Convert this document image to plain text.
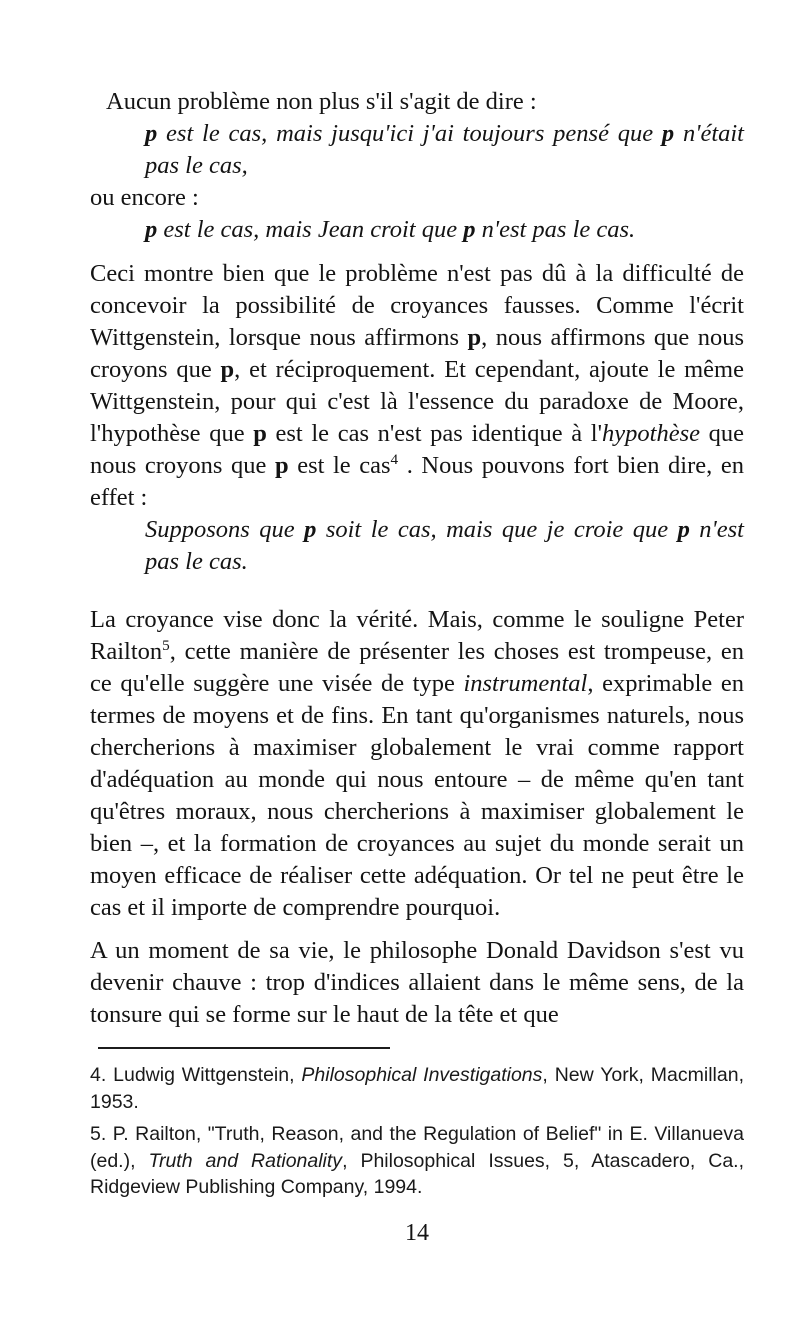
Aucun problème non plus s'il s'agit de dire :

p est le cas, mais jusqu'ici j'ai toujours pensé que p n'était pas le cas,

ou encore :

p est le cas, mais Jean croit que p n'est pas le cas.

Ceci montre bien que le problème n'est pas dû à la difficulté de concevoir la possibilité de croyances fausses. Comme l'écrit Wittgenstein, lorsque nous affirmons p, nous affirmons que nous croyons que p, et réciproquement. Et cependant, ajoute le même Wittgenstein, pour qui c'est là l'essence du paradoxe de Moore, l'hypothèse que p est le cas n'est pas identique à l'hypothèse que nous croyons que p est le cas$^4$ . Nous pouvons fort bien dire, en effet :

Supposons que p soit le cas, mais que je croie que p n'est pas le cas.

La croyance vise donc la vérité. Mais, comme le souligne Peter Railton$^5$, cette manière de présenter les choses est trompeuse, en ce qu'elle suggère une visée de type instrumental, exprimable en termes de moyens et de fins. En tant qu'organismes naturels, nous chercherions à maximiser globalement le vrai comme rapport d'adéquation au monde qui nous entoure – de même qu'en tant qu'êtres moraux, nous chercherions à maximiser globalement le bien –, et la formation de croyances au sujet du monde serait un moyen efficace de réaliser cette adéquation. Or tel ne peut être le cas et il importe de comprendre pourquoi.

A un moment de sa vie, le philosophe Donald Davidson s'est vu devenir chauve : trop d'indices allaient dans le même sens, de la tonsure qui se forme sur le haut de la tête et que

4. Ludwig Wittgenstein, Philosophical Investigations, New York, Macmillan, 1953.

5. P. Railton, "Truth, Reason, and the Regulation of Belief" in E. Villanueva (ed.), Truth and Rationality, Philosophical Issues, 5, Atascadero, Ca., Ridgeview Publishing Company, 1994.

14
